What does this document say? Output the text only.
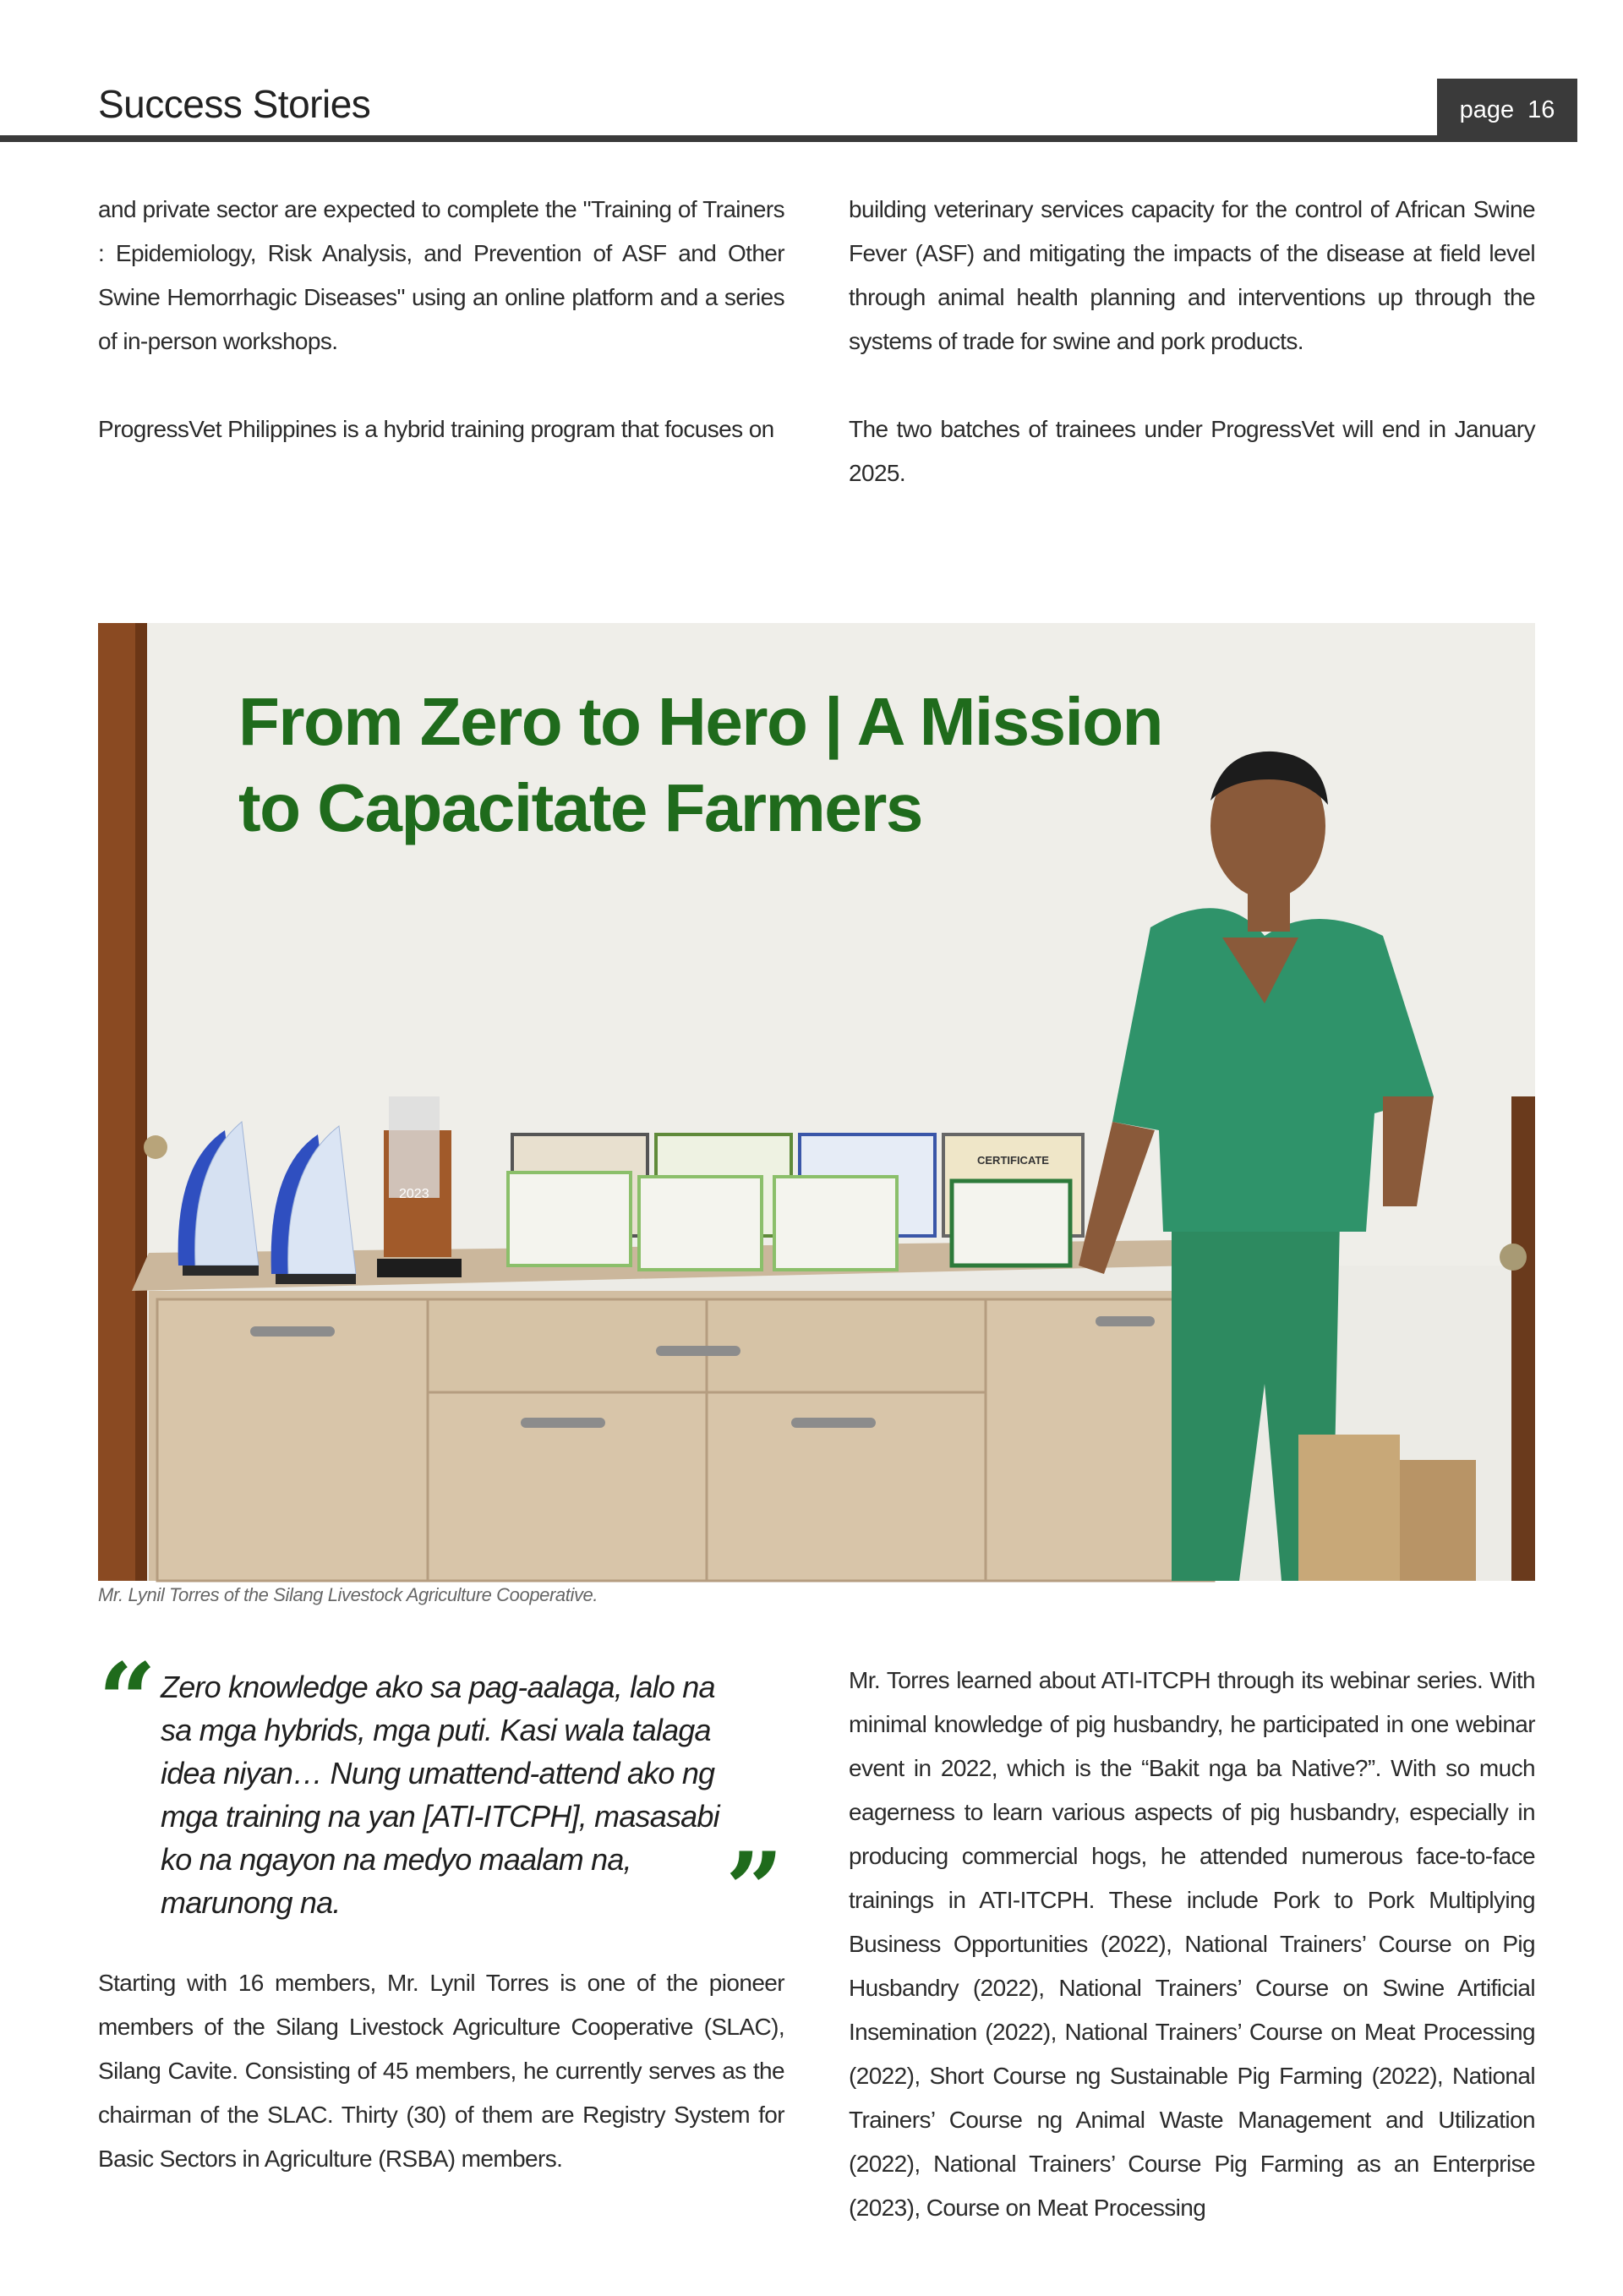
Success Stories	page 16

and private sector are expected to complete the "Training of Trainers : Epidemiology, Risk Analysis, and Prevention of ASF and Other Swine Hemorrhagic Diseases" using an online platform and a series of in-person workshops.

ProgressVet Philippines is a hybrid training program that focuses on

building veterinary services capacity for the control of African Swine Fever (ASF) and mitigating the impacts of the disease at field level through animal health planning and interventions up through the systems of trade for swine and pork products.

The two batches of trainees under ProgressVet will end in January 2025.

2023
CERTIFICATE
From Zero to Hero | A Mission
to Capacitate Farmers
Mr. Lynil Torres of the Silang Livestock Agriculture Cooperative.
“ Zero knowledge ako sa pag-aalaga, lalo na sa mga hybrids, mga puti. Kasi wala talaga idea niyan… Nung umattend-attend ako ng mga training na yan [ATI-ITCPH], masasabi ko na ngayon na medyo maalam na, marunong na.	”

Starting with 16 members, Mr. Lynil Torres is one of the pioneer members of the Silang Livestock Agriculture Cooperative (SLAC), Silang Cavite. Consisting of 45 members, he currently serves as the chairman of the SLAC. Thirty (30) of them are Registry System for Basic Sectors in Agriculture (RSBA) members.

Mr. Torres learned about ATI-ITCPH through its webinar series. With minimal knowledge of pig husbandry, he participated in one webinar event in 2022, which is the “Bakit nga ba Native?”. With so much eagerness to learn various aspects of pig husbandry, especially in producing commercial hogs, he attended numerous face-to-face trainings in ATI-ITCPH. These include Pork to Pork Multiplying Business Opportunities (2022), National Trainers’ Course on Pig Husbandry (2022), National Trainers’ Course on Swine Artificial Insemination (2022), National Trainers’ Course on Meat Processing (2022), Short Course ng Sustainable Pig Farming (2022), National Trainers’ Course ng Animal Waste Management and Utilization (2022), National Trainers’ Course Pig Farming as an Enterprise (2023), Course on Meat Processing
